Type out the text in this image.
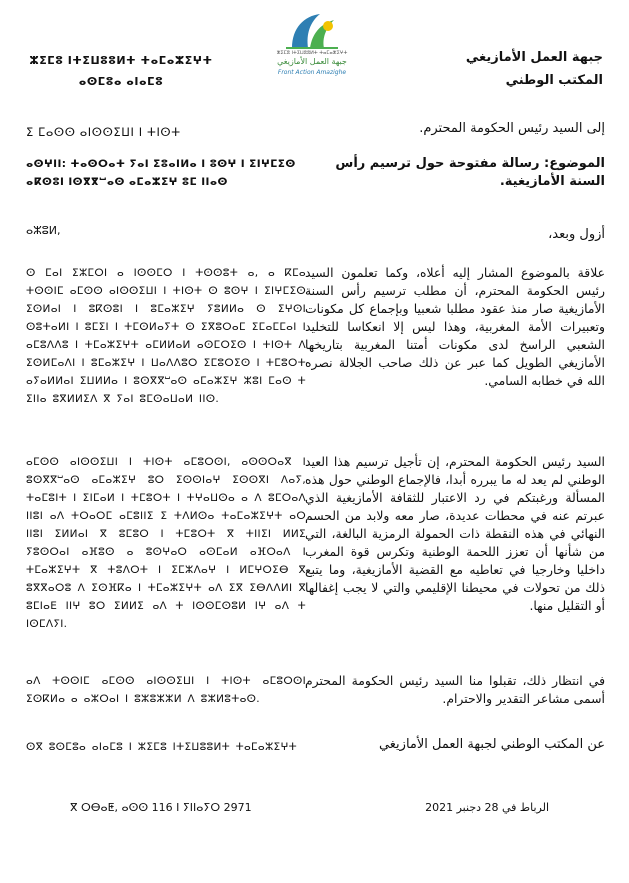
جبهة العمل الأمازيغي
المكتب الوطني
ⵣⵉⵎⵓ ⵏⵜⵉⵡⵓⵓⵍⵜ ⵜⴰⵎⴰⵣⵉⵖⵜ
ⴰⵙⵎⵓⴰ ⴰⵏⴰⵎⵓ
ⵣⵉⵎⵓ ⵏⵜⵉⵡⵓⵓⵍⵜ ⵜⴰⵎⴰⵣⵉⵖⵜ
جبهة العمل الأمازيغي
Front Action Amazighe

إلى السيد رئيس الحكومة المحترم.

ⵉ ⵎⴰⵙⵙ ⴰⵏⵙⵙⵉⵡⵏ ⵏ ⵜⵏⵙⵜ

الموضوع: رسالة مفتوحة حول ترسيم رأس السنة الأمازيغية.

ⴰⵙⵖⵏⵏ: ⵜⴰⵙⵔⴰⵜ ⵢⴰⵏ ⵉⵓⴰⵏⵍⴰ ⵏ ⵓⵙⵖ ⵏ ⵉⵏⵖⵎⵉⵙ ⴰⴽⵙⵓⵏ ⵏⵙⴳⴳⵯⴰⵙ ⴰⵎⴰⵣⵉⵖ ⵓⵎ ⵏⵏⴰⵙ

أزول وبعد،

ⴰⵣⵓⵍ,

علاقة بالموضوع المشار إليه أعلاه، وكما تعلمون السيد رئيس الحكومة المحترم، أن مطلب ترسيم رأس السنة الأمازيغية صار منذ عقود مطلبا شعبيا وبإجماع كل مكونات وتعبيرات الأمة المغربية، وهذا ليس إلا انعكاسا للتخليد الشعبي الراسخ لدى مكونات أمتنا المغربية بتاريخها الأمازيغي الطويل كما عبر عن ذلك صاحب الجلالة نصره الله في خطابه السامي.

ⵙ ⵎⴰⵏ ⵉⵣⵎⵔⵏ ⴰ ⵏⵙⵙⵎⵔ ⵏ ⵜⵙⵙⵓⵜ ⴰ, ⴰ ⴽⵎⴰ ⵜⵙⵙⵏⵎ ⴰⵎⵙⵙ ⴰⵏⵙⵙⵉⵡⵏ ⵏ ⵜⵏⵙⵜ ⵙ ⵓⵙⵖ ⵏ ⵉⵏⵖⵎⵉⵙ ⵉⵙⵍⴰⵏ ⵏ ⵓⴽⵙⵓⵏ ⵏ ⵓⵎⴰⵣⵉⵖ ⵢⵓⵍⵍⴰ ⵙ ⵉⵖⵙⵏ ⵙⵓⵜⴰⵍⵏ ⵏ ⵓⵎⵉⵏ ⵏ ⵜⵎⵙⵍⴰⵢⵜ ⵙ ⵉⴳⵓⵔⴰⵎ ⵉⵎⴰⵎⵎⴰⵏ ⵏ ⴰⵎⵓⴷⴷⵓ ⵏ ⵜⵎⴰⵣⵉⵖⵜ ⴰⵎⵍⵍⴰⵍ ⴰⵙⵎⵔⵉⵙ ⵏ ⵜⵏⵙⵜ ⴷ ⵉⵙⵍⵎⴰⴷⵏ ⵏ ⵓⵎⴰⵣⵉⵖ ⵏ ⵡⴰⴷⴷⵓⵔ ⵉⵎⵓⵔⵉⵙ ⵏ ⵜⵎⵓⵔⵜ ⴰⵢⴰⵍⵍⴰⵏ ⵉⵡⵍⵍⴰ ⵏ ⵓⵙⴳⴳⵯⴰⵙ ⴰⵎⴰⵣⵉⵖ ⵣⵓⵏ ⵎⴰⵙ ⵜ ⵉⵏⵏⴰ ⵓⴳⵍⵍⵉⴷ ⴳ ⵢⴰⵏ ⵓⵎⵙⴰⵡⴰⵍ ⵏⵏⵙ.

السيد رئيس الحكومة المحترم، إن تأجيل ترسيم هذا العيد الوطني لم يعد له ما يبرره أبدا، فالإجماع الوطني حول هذه المسألة ورغبتكم في رد الاعتبار للثقافة الأمازيغية الذي عبرتم عنه في محطات عديدة، صار معه ولابد من الحسم النهائي في هذه النقطة ذات الحمولة الرمزية البالغة، التي من شأنها أن تعزز اللحمة الوطنية وتكرس قوة المغرب داخليا وخارجيا في تعاطيه مع القضية الأمازيغية، وما يتبع ذلك من تحولات في محيطنا الإقليمي والتي لا يجب إغفالها أو التقليل منها.

ⴰⵎⵙⵙ ⴰⵏⵙⵙⵉⵡⵏ ⵏ ⵜⵏⵙⵜ ⴰⵎⵓⵔⵙⵏ, ⴰⵙⵙⵔⴰⴳ ⵏ ⵓⵙⴳⴳⵯⴰⵙ ⴰⵎⴰⵣⵉⵖ ⵓⵔ ⵉⵙⵙⵏⴰⵖ ⵉⵙⵙⴳⵏ ⴷⴰⵢ, ⵜⴰⵎⵓⵏⵜ ⵏ ⵉⵏⵎⴰⵍ ⵏ ⵜⵎⵓⵔⵜ ⵏ ⵜⵖⴰⵡⵙⴰ ⴰ ⴷ ⵓⵎⵔⴰⴷ ⵏⵏⵓⵏ ⴰⴷ ⵜⵔⴰⵔⵎ ⴰⵎⵓⵏⵏⵉ ⵉ ⵜⴷⵍⵙⴰ ⵜⴰⵎⴰⵣⵉⵖⵜ ⴰⵔ ⵏⵏⵓⵏ ⵉⵍⵍⴰⵏ ⴳ ⵓⵎⵓⵔ ⵏ ⵜⵎⵓⵔⵜ ⴳ ⵜⵏⵏⵉⵏ ⵍⵍⵉ ⵢⵓⵙⵔⴰⵏ ⴰⴼⵓⵙ ⴰ ⵓⵙⵖⴰⵔ ⴰⵙⵎⴰⵍ ⴰⴼⵔⴰⴷ ⵏ ⵜⵎⴰⵣⵉⵖⵜ ⴳ ⵜⵓⴷⵔⵜ ⵏ ⵉⵎⵣⴷⴰⵖ ⵏ ⵍⵎⵖⵔⵉⴱ ⴳ ⵓⴳⴳⴰⵔⵓ ⴷ ⵉⵙⴼⴽⴰ ⵏ ⵜⵎⴰⵣⵉⵖⵜ ⴰⴷ ⵉⴳ ⵉⴱⴷⴷⵍⵏ ⴳ ⵓⵎⵏⴰⴹ ⵏⵏⵖ ⵓⵔ ⵉⵍⵍⵉ ⴰⴷ ⵜ ⵏⵙⵙⵎⵙⵓⵍ ⵏⵖ ⴰⴷ ⵜ ⵏⵙⵎⴷⵢⵏ.

في انتظار ذلك، تقبلوا منا السيد رئيس الحكومة المحترم أسمى مشاعر التقدير والاحترام.

ⴰⴷ ⵜⵙⵙⵏⵎ ⴰⵎⵙⵙ ⴰⵏⵙⵙⵉⵡⵏ ⵏ ⵜⵏⵙⵜ ⴰⵎⵓⵔⵙⵏ ⵉⵙⴽⵍⴰ ⴰ ⴰⵣⵔⴰⵏ ⵏ ⵓⵣⵓⵣⵣⵍ ⴷ ⵓⵣⵍⵓⵜⴰⵙ.

عن المكتب الوطني لجبهة العمل الأمازيغي

ⵙⴳ ⵓⵙⵎⵓⴰ ⴰⵏⴰⵎⵓ ⵏ ⵣⵉⵎⵓ ⵏⵜⵉⵡⵓⵓⵍⵜ ⵜⴰⵎⴰⵣⵉⵖⵜ

الرباط في 28 دجنبر 2021

ⴳ ⵔⴱⴰⵟ, ⴰⵙⵙ 116 ⵏ ⵢⵏⵏⴰⵢⵔ 2971
